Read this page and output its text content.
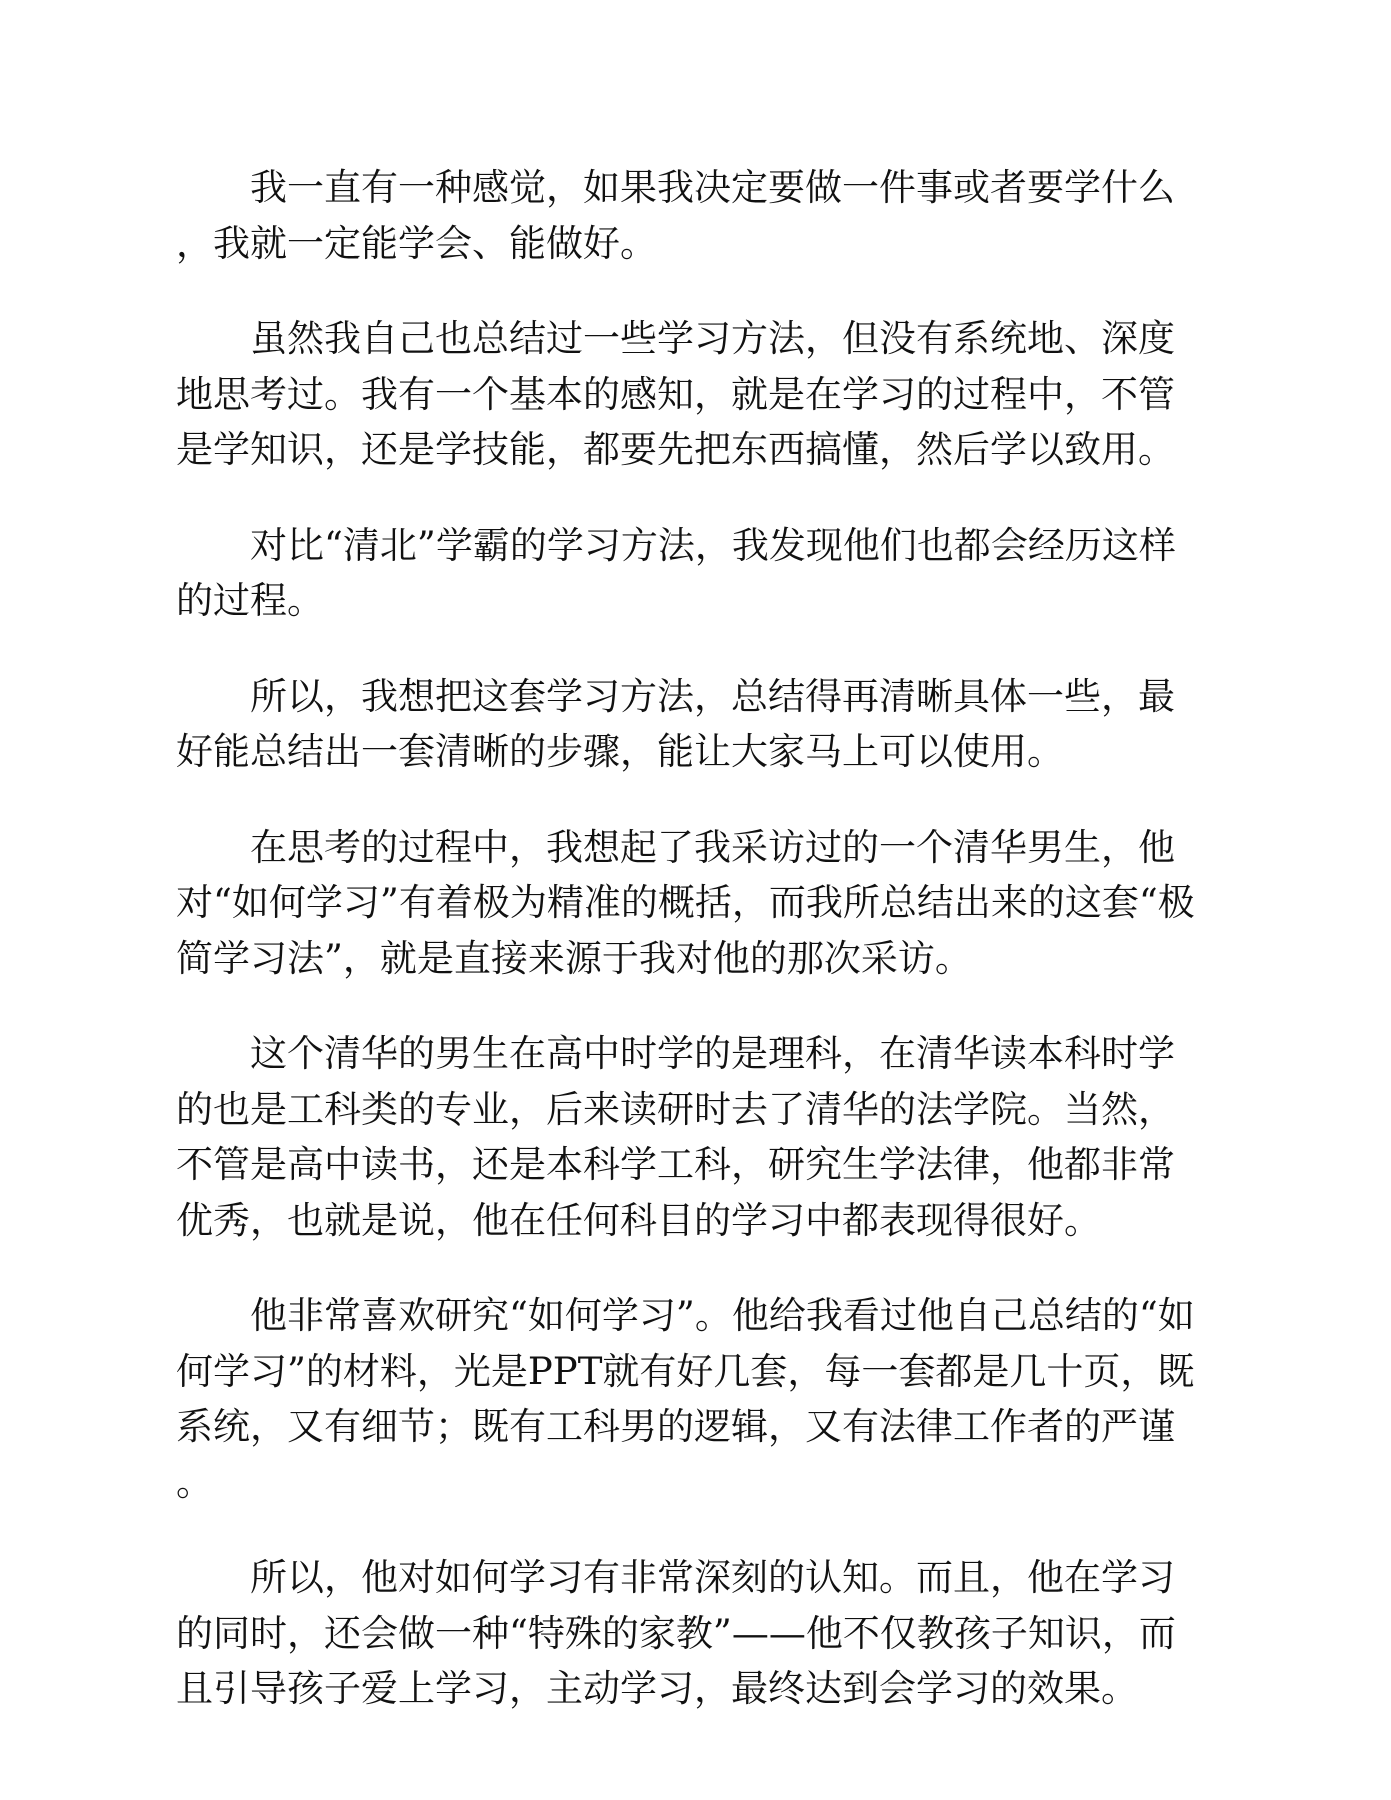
我一直有一种感觉，如果我决定要做一件事或者要学什么，我就一定能学会、能做好。

虽然我自己也总结过一些学习方法，但没有系统地、深度地思考过。我有一个基本的感知，就是在学习的过程中，不管是学知识，还是学技能，都要先把东西搞懂，然后学以致用。

对比“清北”学霸的学习方法，我发现他们也都会经历这样的过程。

所以，我想把这套学习方法，总结得再清晰具体一些，最好能总结出一套清晰的步骤，能让大家马上可以使用。

在思考的过程中，我想起了我采访过的一个清华男生，他对“如何学习”有着极为精准的概括，而我所总结出来的这套“极简学习法”，就是直接来源于我对他的那次采访。

这个清华的男生在高中时学的是理科，在清华读本科时学的也是工科类的专业，后来读研时去了清华的法学院。当然，不管是高中读书，还是本科学工科，研究生学法律，他都非常优秀，也就是说，他在任何科目的学习中都表现得很好。

他非常喜欢研究“如何学习”。他给我看过他自己总结的“如何学习”的材料，光是PPT就有好几套，每一套都是几十页，既系统，又有细节；既有工科男的逻辑，又有法律工作者的严谨。

所以，他对如何学习有非常深刻的认知。而且，他在学习的同时，还会做一种“特殊的家教”——他不仅教孩子知识，而且引导孩子爱上学习，主动学习，最终达到会学习的效果。
